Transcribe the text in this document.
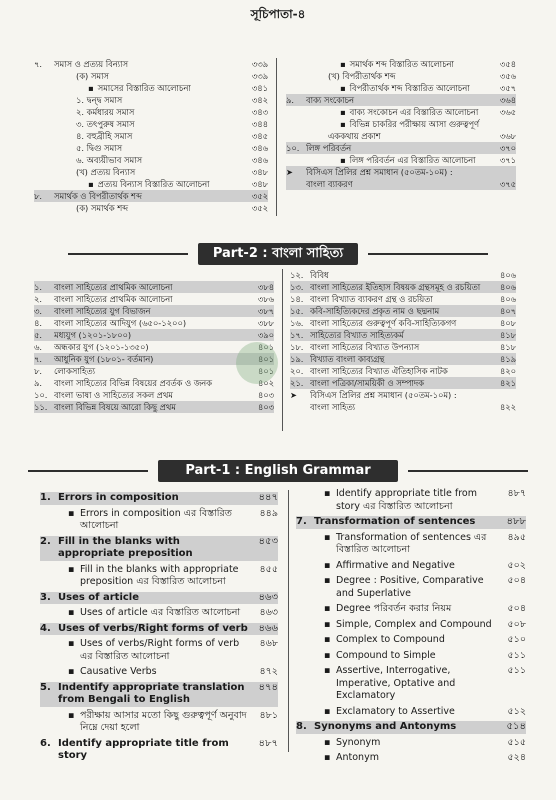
সূচিপাতা-৪
৭.	সমাস ও প্রত্যয় বিন্যাস	৩৩৯
(ক) সমাস	৩৩৯
▪ সমাসের বিস্তারিত আলোচনা	৩৪১
১. দ্বন্দ্ব সমাস	৩৪২
২. কর্মধারয় সমাস	৩৪৩
৩. তৎপুরুষ সমাস	৩৪৪
৪. বহুব্রীহি সমাস	৩৪৫
৫. দ্বিগু সমাস	৩৪৬
৬. অব্যয়ীভাব সমাস	৩৪৬
(খ) প্রত্যয় বিন্যাস	৩৪৮
▪ প্রত্যয় বিন্যাস বিস্তারিত আলোচনা	৩৪৮
৮.	সমার্থক ও বিপরীতার্থক শব্দ	৩৫২
(ক) সমার্থক শব্দ	৩৫২
▪ সমার্থক শব্দ বিস্তারিত আলোচনা	৩৫৪
(খ) বিপরীতার্থক শব্দ	৩৫৬
▪ বিপরীতার্থক শব্দ বিস্তারিত আলোচনা	৩৫৭
৯.	বাক্য সংকোচন	৩৬৪
▪ বাক্য সংকোচন এর বিস্তারিত আলোচনা	৩৬৫
▪ বিভিন্ন চাকরির পরীক্ষায় আসা গুরুত্বপূর্ণ
এককথায় প্রকাশ	৩৬৮
১০. লিঙ্গ পরিবর্তন	৩৭০
▪ লিঙ্গ পরিবর্তন এর বিস্তারিত আলোচনা	৩৭১
➤	বিসিএস প্রিলির প্রশ্ন সমাধান (৫০তম-১০ম) :
বাংলা ব্যাকরণ	৩৭৫
Part-2 : বাংলা সাহিত্য
১.	বাংলা সাহিত্যের প্রাথমিক আলোচনা	৩৮৪
২.	বাংলা সাহিত্যের প্রাথমিক আলোচনা	৩৮৬
৩.	বাংলা সাহিত্যের যুগ বিভাজন	৩৮৭
৪.	বাংলা সাহিত্যের আদিযুগ (৬৫০-১২০০)	৩৮৮
৫.	মধ্যযুগ (১২০১-১৮০০)	৩৯০
৬.	অন্ধকার যুগ (১২০১-১৩৫০)	৪০১
৭.	আধুনিক যুগ (১৮০১- বর্তমান)	৪০১
৮.	লোকসাহিত্য	৪০১
৯.	বাংলা সাহিত্যের বিভিন্ন বিষয়ের প্রবর্তক ও জনক	৪০২
১০. বাংলা ভাষা ও সাহিত্যের সকল প্রথম	৪০৩
১১. বাংলা বিভিন্ন বিষয়ে আরো কিছু প্রথম	৪০৩
১২. বিবিধ	৪০৬
১৩. বাংলা সাহিত্যের ইতিহাস বিষয়ক গ্রন্থসমূহ ও রচয়িতা	৪০৬
১৪. বাংলা বিখ্যাত ব্যাকরণ গ্রন্থ ও রচয়িতা	৪০৬
১৫. কবি-সাহিত্যিকদের প্রকৃত নাম ও ছদ্মনাম	৪০৭
১৬. বাংলা সাহিত্যের গুরুত্বপূর্ণ কবি-সাহিত্যিকগণ	৪০৮
১৭. সাহিত্যের বিখ্যাত সাহিত্যকর্ম	৪১৮
১৮. বাংলা সাহিত্যের বিখ্যাত উপন্যাস	৪১৮
১৯. বিখ্যাত বাংলা কাব্যগ্রন্থ	৪১৯
২০. বাংলা সাহিত্যের বিখ্যাত ঐতিহাসিক নাটক	৪২০
২১. বাংলা পত্রিকা/সাময়িকী ও সম্পাদক	৪২১
➤	বিসিএস প্রিলির প্রশ্ন সমাধান (৫০তম-১০ম) :
বাংলা সাহিত্য	৪২২
Part-1 : English Grammar
1. Errors in composition	৪৪৭
▪ Errors in composition এর বিস্তারিত আলোচনা
৪৪৯
2. Fill in the blanks with appropriate preposition
৪৫৩
▪ Fill in the blanks with appropriate preposition এর বিস্তারিত আলোচনা
৪৫৫
3. Uses of article	৪৬৩
▪ Uses of article এর বিস্তারিত আলোচনা	৪৬৩
4. Uses of verbs/Right forms of verb	৪৬৬
▪ Uses of verbs/Right forms of verb এর বিস্তারিত আলোচনা
৪৬৮
▪ Causative Verbs	৪৭২
5. Indentify appropriate translation from Bengali to English
৪৭৪
▪ পরীক্ষায় আসার মতো কিছু গুরুত্বপূর্ণ অনুবাদ নিম্নে দেয়া হলো
৪৮১
6. Identify appropriate title from story
৪৮৭
▪ Identify appropriate title from story এর বিস্তারিত আলোচনা
৪৮৭
7. Transformation of sentences	৪৮৮
▪ Transformation of sentences এর বিস্তারিত আলোচনা
৪৯৫
▪ Affirmative and Negative	৫০২
▪ Degree : Positive, Comparative and Superlative
৫০৪
▪ Degree পরিবর্তন করার নিয়ম	৫০৪
▪ Simple, Complex and Compound	৫০৮
▪ Complex to Compound	৫১০
▪ Compound to Simple	৫১১
▪ Assertive, Interrogative, Imperative, Optative and Exclamatory
৫১১
▪ Exclamatory to Assertive	৫১২
8. Synonyms and Antonyms	৫১৪
▪ Synonym	৫১৫
▪ Antonym	৫২৪
